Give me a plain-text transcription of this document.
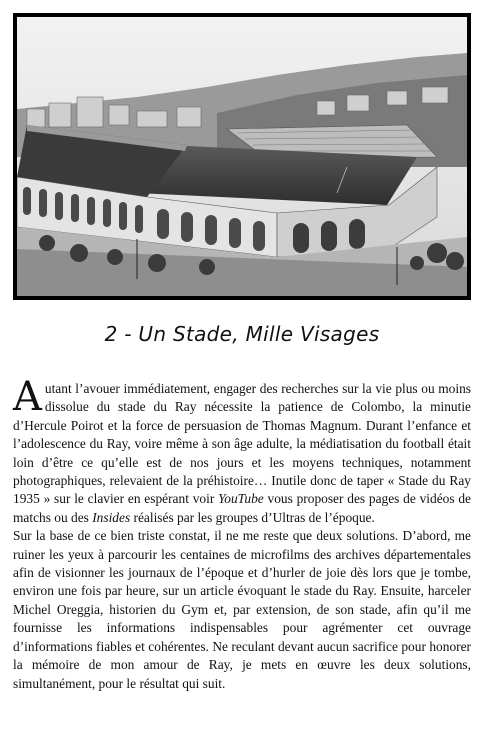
2 - Un Stade, Mille Visages

Autant l’avouer immédiatement, engager des recherches sur la vie plus ou moins dissolue du stade du Ray nécessite la patience de Colombo, la minutie d’Hercule Poirot et la force de persuasion de Thomas Magnum. Durant l’enfance et l’adolescence du Ray, voire même à son âge adulte, la médiatisation du football était loin d’être ce qu’elle est de nos jours et les moyens techniques, notamment photographiques, relevaient de la préhistoire… Inutile donc de taper « Stade du Ray 1935 » sur le clavier en espérant voir YouTube vous proposer des pages de vidéos de matchs ou des Insides réalisés par les groupes d’Ultras de l’époque.

Sur la base de ce bien triste constat, il ne me reste que deux solutions. D’abord, me ruiner les yeux à parcourir les centaines de microfilms des archives départementales afin de visionner les journaux de l’époque et d’hurler de joie dès lors que je tombe, environ une fois par heure, sur un article évoquant le stade du Ray. Ensuite, harceler Michel Oreggia, historien du Gym et, par extension, de son stade, afin qu’il me fournisse les informations indispensables pour agrémenter cet ouvrage d’informations fiables et cohérentes. Ne reculant devant aucun sacrifice pour honorer la mémoire de mon amour de Ray, je mets en œuvre les deux solutions, simultanément, pour le résultat qui suit.
